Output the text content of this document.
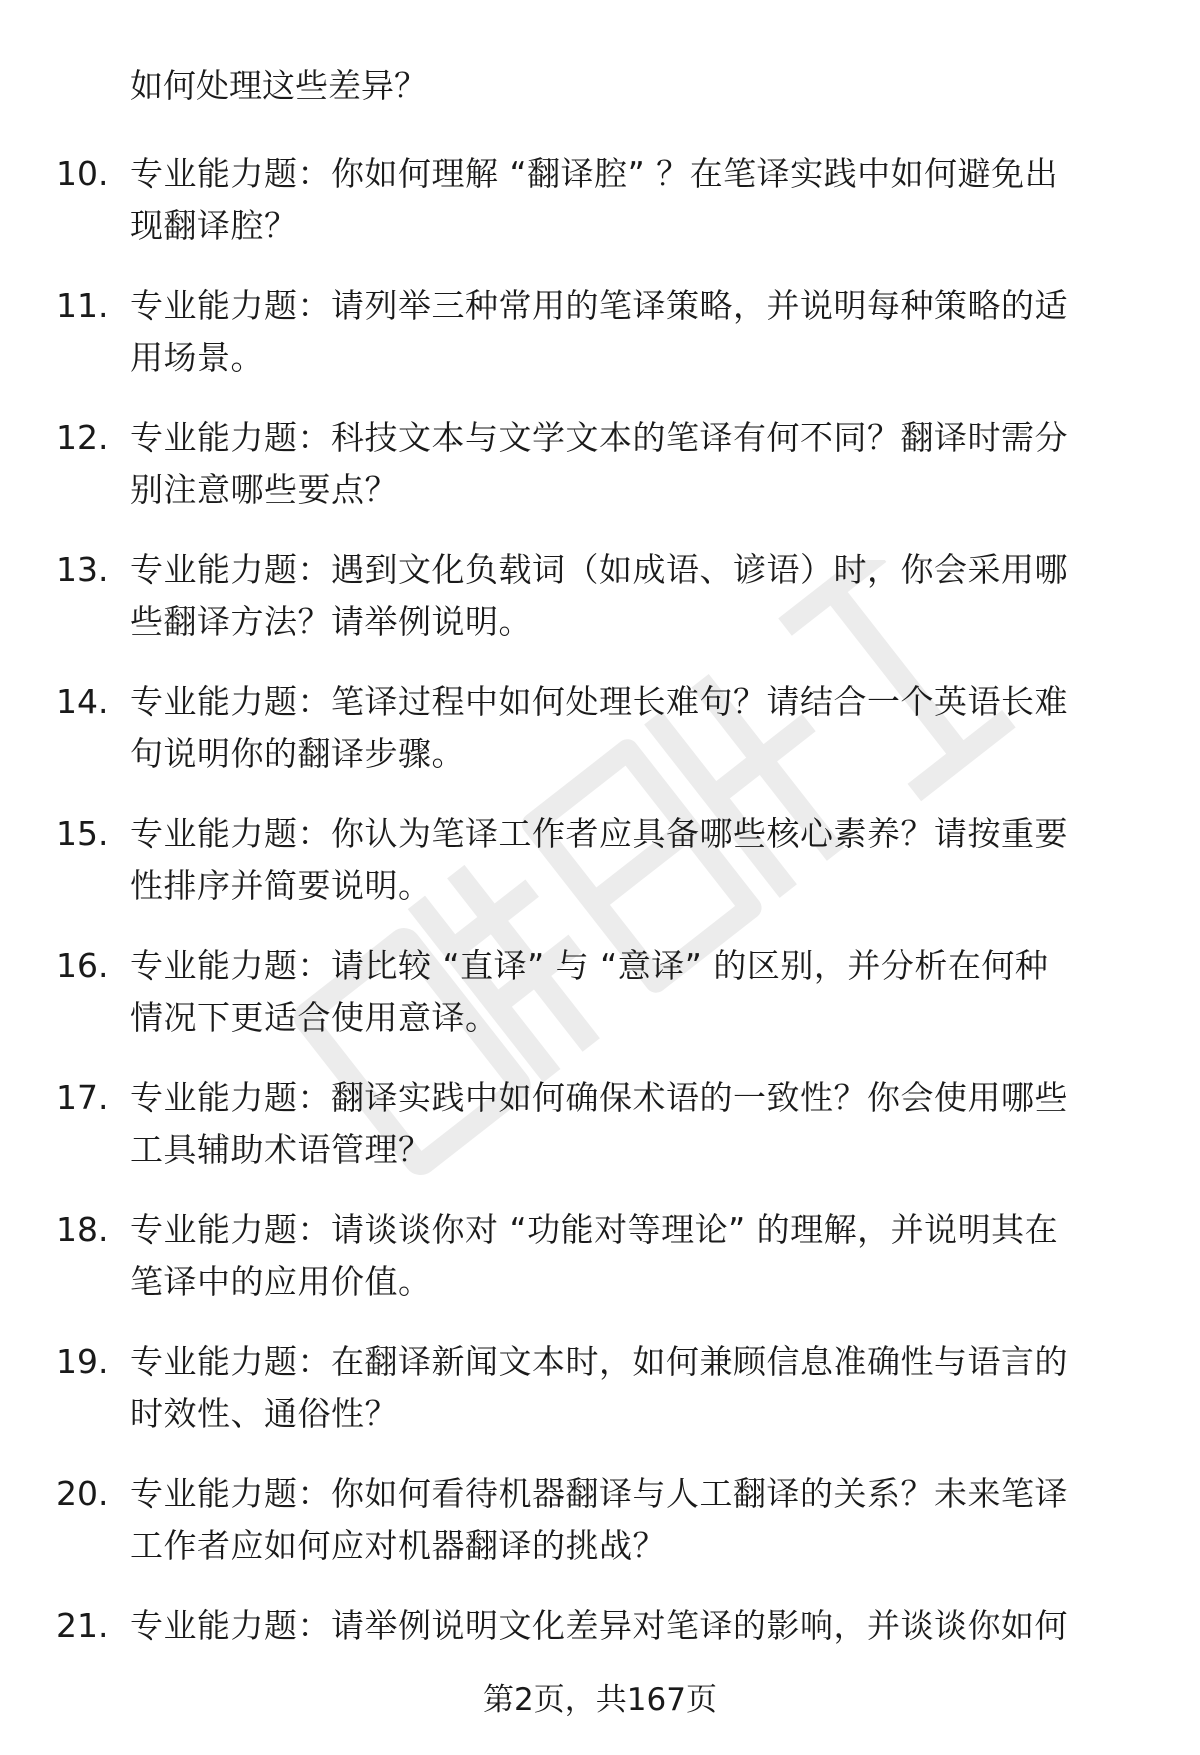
如何处理这些差异？
10. 专业能力题：你如何理解 “翻译腔” ？在笔译实践中如何避免出
现翻译腔？
11. 专业能力题：请列举三种常用的笔译策略，并说明每种策略的适
用场景。
12. 专业能力题：科技文本与文学文本的笔译有何不同？翻译时需分
别注意哪些要点？
13. 专业能力题：遇到文化负载词（如成语、谚语）时，你会采用哪
些翻译方法？请举例说明。
14. 专业能力题：笔译过程中如何处理长难句？请结合一个英语长难
句说明你的翻译步骤。
15. 专业能力题：你认为笔译工作者应具备哪些核心素养？请按重要
性排序并简要说明。
16. 专业能力题：请比较 “直译” 与 “意译” 的区别，并分析在何种
情况下更适合使用意译。
17. 专业能力题：翻译实践中如何确保术语的一致性？你会使用哪些
工具辅助术语管理？
18. 专业能力题：请谈谈你对 “功能对等理论” 的理解，并说明其在
笔译中的应用价值。
19. 专业能力题：在翻译新闻文本时，如何兼顾信息准确性与语言的
时效性、通俗性？
20. 专业能力题：你如何看待机器翻译与人工翻译的关系？未来笔译
工作者应如何应对机器翻译的挑战？
21. 专业能力题：请举例说明文化差异对笔译的影响，并谈谈你如何
第2页，共167页
